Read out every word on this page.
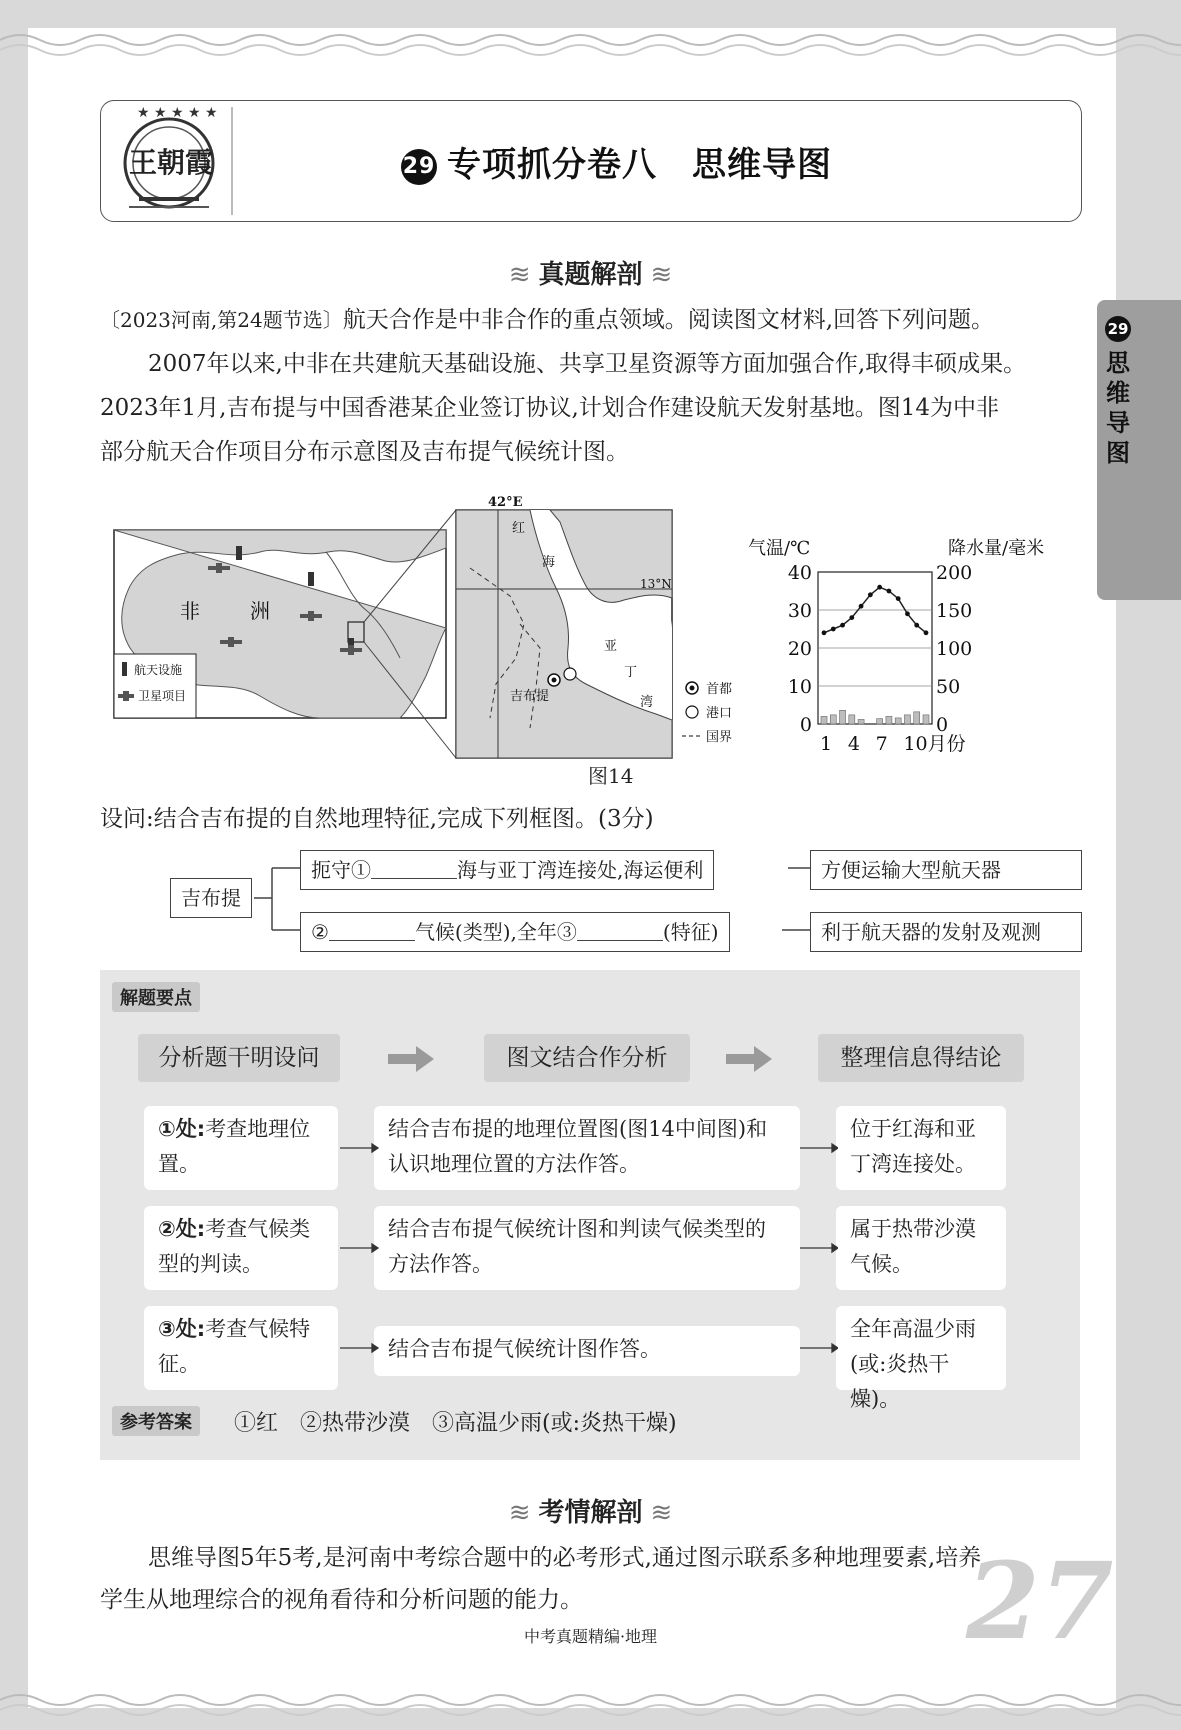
★ ★ ★ ★ ★
王朝霞	29 专项抓分卷八　思维导图
29
思维导图
≋ 真题解剖 ≋
〔2023河南,第24题节选〕航天合作是中非合作的重点领域。阅读图文材料,回答下列问题。
2007年以来,中非在共建航天基础设施、共享卫星资源等方面加强合作,取得丰硕成果。
2023年1月,吉布提与中国香港某企业签订协议,计划合作建设航天发射基地。图14为中非
部分航天合作项目分布示意图及吉布提气候统计图。
非	洲
航天设施
卫星项目
42°E
13°N
红
海
亚
丁
湾
吉布提	首都
港口
国界
气温/℃	降水量/毫米
40
30
20
10
0
200
150
100
50
0
1 4 7 10月份
图14
设问:结合吉布提的自然地理特征,完成下列框图。(3分)
吉布提
扼守①	海与亚丁湾连接处,海运便利	方便运输大型航天器
②	气候(类型),全年③	(特征)	利于航天器的发射及观测
解题要点
分析题干明设问	图文结合作分析	整理信息得结论
①处:考查地理位置。
结合吉布提的地理位置图(图14中间图)和认识地理位置的方法作答。
位于红海和亚丁湾连接处。
②处:考查气候类型的判读。
结合吉布提气候统计图和判读气候类型的方法作答。
属于热带沙漠气候。
③处:考查气候特征。
结合吉布提气候统计图作答。
全年高温少雨(或:炎热干燥)。
参考答案	①红　②热带沙漠　③高温少雨(或:炎热干燥)
≋ 考情解剖 ≋
思维导图5年5考,是河南中考综合题中的必考形式,通过图示联系多种地理要素,培养
学生从地理综合的视角看待和分析问题的能力。	27
中考真题精编·地理
